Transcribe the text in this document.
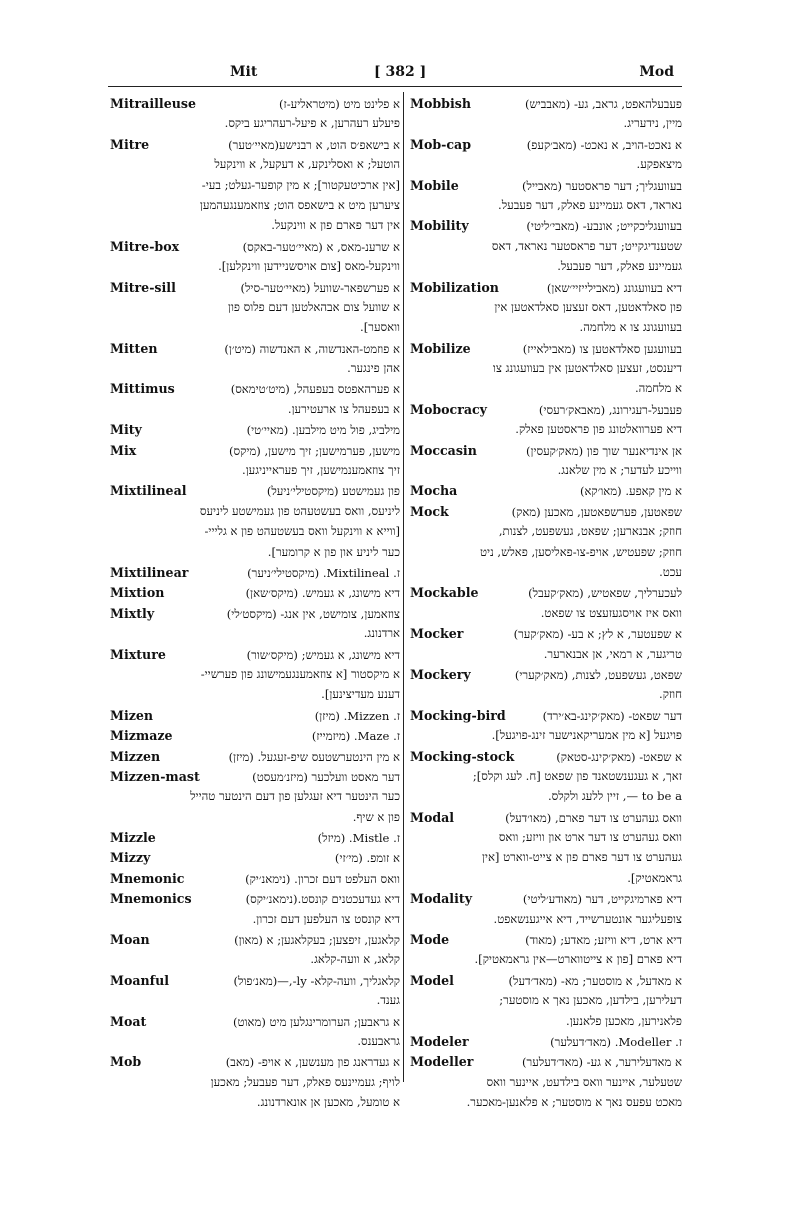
Mit	[ 382 ]	Mod
Mitrailleuse	א פלינט מיט (מיטראליע-ז)
פיעלע רעהרען, א פיעל-רעהריגע ביקס.
Mitre	א בישאפ׳ס הוט, א רבנישע(מאיי׳טער)
הוטעל; א ואסלינקע, א דעקעל, א ווינקעל
[אין ארכיטעקטור]; א מין קופער-געלט; בעי-
ציערען מיט א בישאפס הוט; צוזאמענגעהמען
אין דער פארם פון א ווינקעל.
Mitre-box	א שרענ-מאס, א (מאיי׳טער-באקס)
ווינקעל-מאס [צום אויסשניידען ווינקלען].
Mitre-sill	א פערשפאר-שוועל (מאיי׳טער-סיל)
א שוועל צום אבהאלטען דעם פלוס פון
וואסער].
Mitten	א פוזמט-האנדשוה, א האנדשוה (מיט׳ן)
אהן פינגער.
Mittimus	א פערהאפטס בעפעהל, (מיט׳טימאס)
א בעפעהל צו ארעטירען.
Mity	מילביג, פול מיט מילבען. (מאיי׳טי)
Mix	מישען, פערמישען; זיך מישען, (מיקס)
זיך צוזאמענמישען, זיך פעראייניגען.
Mixtilineal	פון געמישטע (מיקסטילי׳ניעל)
ליניעס, וואס בעשטעהט פון געמישטע ליניעס
[ווייא א ווינקעל וואס בעשטעהט פון א גלייי-
כער ליניע און פון א קרומער].
Mixtilinear	ז. Mixtilineal. (מיקסטילי׳ניער)
Mixtion	דיא מישונג, א געמיש. (מיקס׳שאן)
Mixtly	צוזאמען, צומישט, אין אנג- (מיקסט׳לי)
ארדנונג.
Mixture	דיא מישונג, א געמיש; (מיקס׳שור)
א מיקסטור [א צוזאמענגעמישונג פון פערשיי-
דענע מעדיצינען].
Mizen	ז. Mizzen. (מיזן)
Mizmaze	ז. Maze. (מיזמייז)
Mizzen	א מין הינטערשטעס שיפ-זעגעל. (מיזן)
Mizzen-mast	דער מאסט וועלכער (מיזנ׳מעסט)
כער הינטער דיא זעגלען פון דעם הינטער טהייל
פון א שיף.
Mizzle	ז. Mistle. (מיזל)
Mizzy	א זומפ. (מי׳זי)
Mnemonic	וואס העלפט דעם זכרון. (נימאנ׳יק)
Mnemonics	דיא געדעכטנים קונסט.(נימאנ׳יקס)
דיא קונסט צו העלפען דעם זכרון.
Moan	קלאגען, זיפצען; בעקלאגען; א (מאון)
קלאג, א וועה-קלאג.
Moanful	קלאגליך, וועה-קלא- ly-,—(מאנ׳פול)
גענד.
Moat	א גראבען; הערומרינגלען מיט (מאוט)
גראבענס.
Mob	א געדראנג פון מענשען, א אויפ- (מאב)
לויף; געמיינעס פאלק, דער פעבעל; מאכען
א טומעל, מאכען אן אונארדנונג.
Mobbish	פעבעלהאפט, גראב, גע- (מאבביש)
מיין, נידעריג.
Mob-cap	א נאכט-הויב, א נאכט- (מאב׳קעפ)
מיצאפקע.
Mobile	בעוועגליך; דער פראסטער (מאבייל)
נאראד, דאס געמיינע פאלק, דער פעבעל.
Mobility	בעוועגליכקייט; אונבע- (מאבי׳ליטי)
שטענדיגקייט; דער פראסטער נאראד, דאס
געמיינע פאלק, דער פעבעל.
Mobilization	דיא בעוועגונג (מאבילייזיי׳שאן)
פון סאלדאטען, דאס זעצען סאלדאטען אין
בעוועגונג צו א מלחמה.
Mobilize	בעוועגען סאלדאטען צו (מאבילאייז)
דיענסט, זעצען סאלדאטען אין בעוועגונג צו
א מלחמה.
Mobocracy	פעבעל-רעגירונג, (מאבאק׳רעסי)
דיא פערוואלטונג פון פראסטען פאלק.
Moccasin	אן אינדיאנער שוך פון (מאק׳קעסין)
ווייכע לעדער; א מין שלאנג.
Mocha	א מין קאפע. (מאו׳קא)
Mock	שפאטען, פערשפאטען, מאכען (מאק)
חוזק; אבנארען; שפאט, געשפעט, לצנות,
חוזק; שפעטיש, אויפ-צו-פאליסען, פאלש, ניט
עכט.
Mockable	לעכערליך, שפאטיש, (מאק׳קעבל)
וואס איז אויסגעזעצט צו שפאט.
Mocker	א שפעטער, א לץ; א בע- (מאק׳קער)
טריגער, א רמאי, אן אבנארער.
Mockery	שפאט, געשפעט, לצנות, (מאק׳קערי)
חוזק.
Mocking-bird	דער שפאט- (מאק׳קינג-בא׳ירד)
פויגעל [א מין אמעריקאנישער זינג-פויגעל].
Mocking-stock	א שפאט- (מאק׳קינג-סטאק)
זאך, א געגענשטאנד פון שפאט [ח. לעג וקלס];
to be a —, זיין ללעג ולקלס.
Modal	וואס געהערט צו דער פארם, (מאו׳דעל)
וואס געהערט צו דער ארט און וויזע; וואס
געהערט צו דער פארם פון א צייט-ווארט [אין
גראמאטיק].
Modality	דיא פארמיגקייט, דער (מאודע׳ליטי)
צופעליגער אונטערשייד, דיא אייגענשאפט.
Mode	דיא ארט, דיא וויזע; מאדע; (מאוד)
דיא פארם [פון א צייטווארט—אין גראמאטיק].
Model	א מאדעל, א מוסטער; מא- (מאד׳דעל)
דעלירען, בילדען, מאכען נאך א מוסטער;
פלאנירען, מאכען פלאנען.
Modeler	ז. Modeller. (מאד׳דעלער)
Modeller	א מאדעלירער, א גע- (מאד׳דעלער)
שטעלער, איינער וואס בילדעט, איינער וואס
מאכט עפעס נאך א מוסטער; א פלאנען-מאכער.
